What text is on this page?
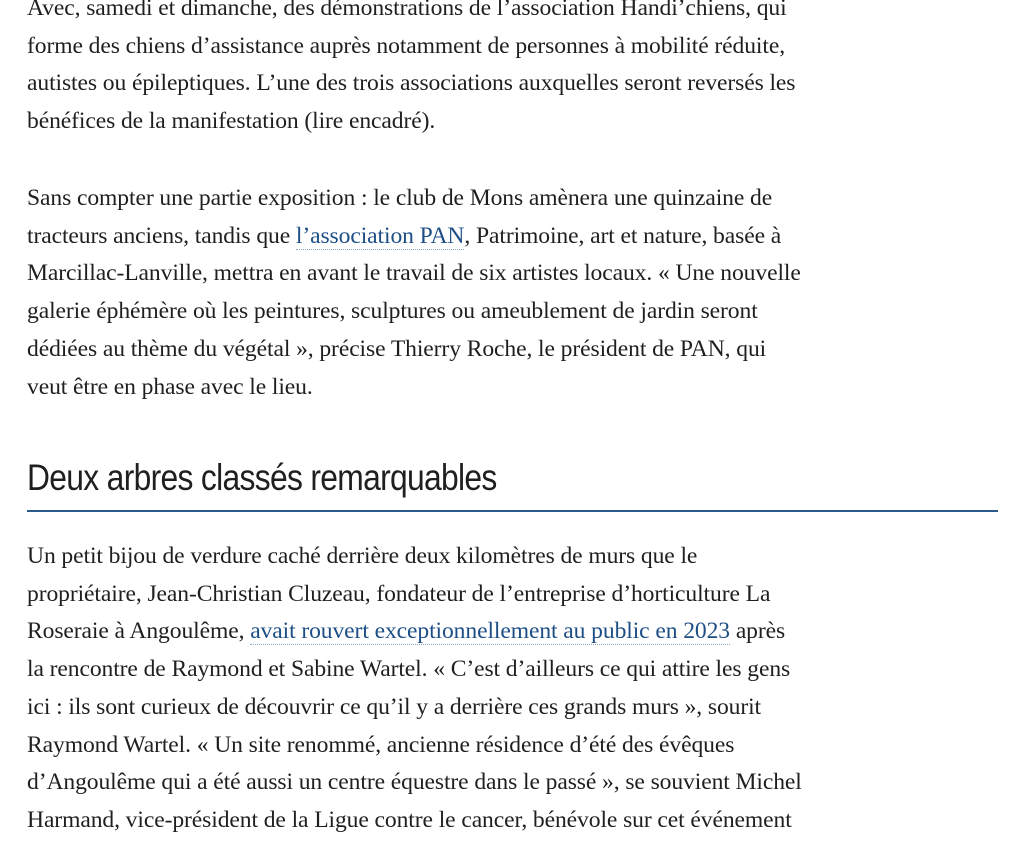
Avec, samedi et dimanche, des démonstrations de l’association Handi’chiens, qui
forme des chiens d’assistance auprès notamment de personnes à mobilité réduite,
autistes ou épileptiques. L’une des trois associations auxquelles seront reversés les
bénéfices de la manifestation (lire encadré).

Sans compter une partie exposition : le club de Mons amènera une quinzaine de
tracteurs anciens, tandis que l’association PAN, Patrimoine, art et nature, basée à
Marcillac-Lanville, mettra en avant le travail de six artistes locaux. « Une nouvelle
galerie éphémère où les peintures, sculptures ou ameublement de jardin seront
dédiées au thème du végétal », précise Thierry Roche, le président de PAN, qui
veut être en phase avec le lieu.

Deux arbres classés remarquables

Un petit bijou de verdure caché derrière deux kilomètres de murs que le
propriétaire, Jean-Christian Cluzeau, fondateur de l’entreprise d’horticulture La
Roseraie à Angoulême, avait rouvert exceptionnellement au public en 2023 après
la rencontre de Raymond et Sabine Wartel. « C’est d’ailleurs ce qui attire les gens
ici : ils sont curieux de découvrir ce qu’il y a derrière ces grands murs », sourit
Raymond Wartel. « Un site renommé, ancienne résidence d’été des évêques
d’Angoulême qui a été aussi un centre équestre dans le passé », se souvient Michel
Harmand, vice-président de la Ligue contre le cancer, bénévole sur cet événement
